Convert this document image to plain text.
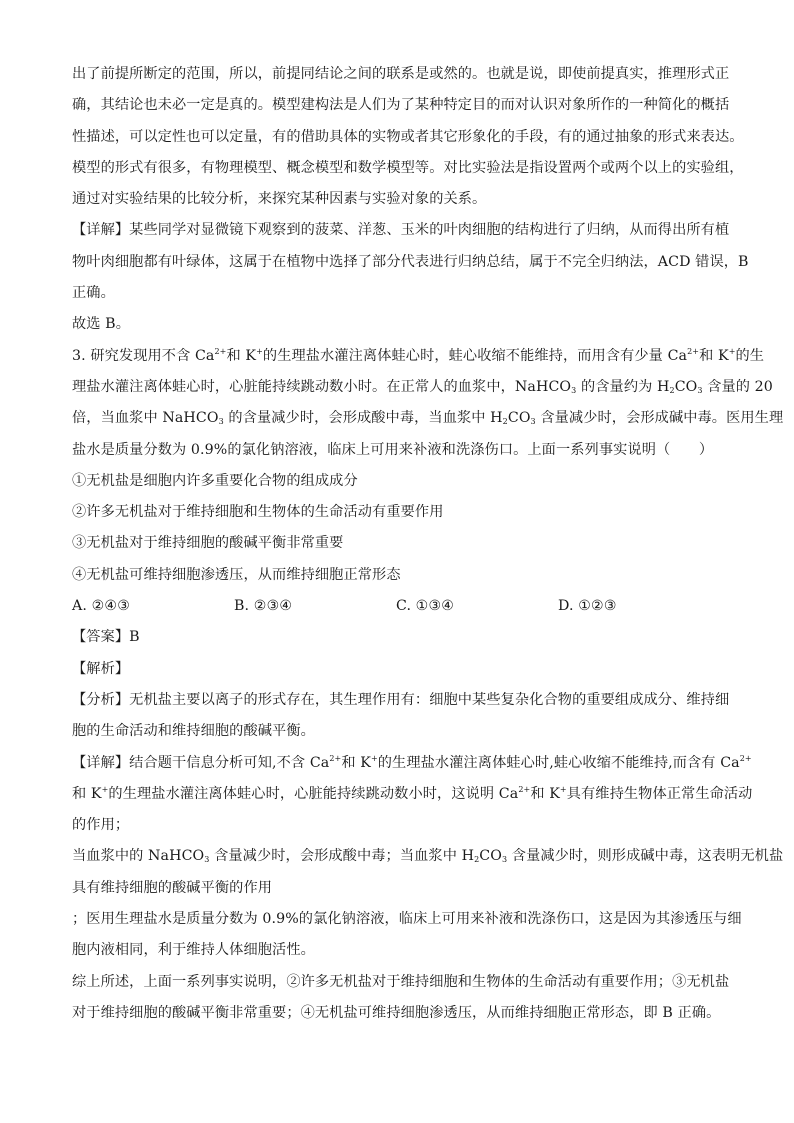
出了前提所断定的范围，所以，前提同结论之间的联系是或然的。也就是说，即使前提真实，推理形式正
确，其结论也未必一定是真的。模型建构法是人们为了某种特定目的而对认识对象所作的一种简化的概括
性描述，可以定性也可以定量，有的借助具体的实物或者其它形象化的手段，有的通过抽象的形式来表达。
模型的形式有很多，有物理模型、概念模型和数学模型等。对比实验法是指设置两个或两个以上的实验组，
通过对实验结果的比较分析，来探究某种因素与实验对象的关系。
【详解】某些同学对显微镜下观察到的菠菜、洋葱、玉米的叶肉细胞的结构进行了归纳，从而得出所有植
物叶肉细胞都有叶绿体，这属于在植物中选择了部分代表进行归纳总结，属于不完全归纳法，ACD 错误，B
正确。
故选 B。
3. 研究发现用不含 $Ca^{2+}$和 K+的生理盐水灌注离体蛙心时，蛙心收缩不能维持，而用含有少量 $Ca^{2+}$和 K+的生
理盐水灌注离体蛙心时，心脏能持续跳动数小时。在正常人的血浆中，NaHCO$_3$ 的含量约为 $H_2CO_3$ 含量的 20
倍，当血浆中 NaHCO$_3$ 的含量减少时，会形成酸中毒，当血浆中 $H_2CO_3$ 含量减少时，会形成碱中毒。医用生理
盐水是质量分数为 0.9%的氯化钠溶液，临床上可用来补液和洗涤伤口。上面一系列事实说明（　　）
①无机盐是细胞内许多重要化合物的组成成分
②许多无机盐对于维持细胞和生物体的生命活动有重要作用
③无机盐对于维持细胞的酸碱平衡非常重要
④无机盐可维持细胞渗透压，从而维持细胞正常形态
A. ②④③	B. ②③④	C. ①③④	D. ①②③
【答案】B
【解析】
【分析】无机盐主要以离子的形式存在，其生理作用有：细胞中某些复杂化合物的重要组成成分、维持细
胞的生命活动和维持细胞的酸碱平衡。
【详解】结合题干信息分析可知,不含 $Ca^{2+}$和 K+的生理盐水灌注离体蛙心时,蛙心收缩不能维持,而含有 $Ca^{2+}$
和 K+的生理盐水灌注离体蛙心时，心脏能持续跳动数小时，这说明 $Ca^{2+}$和 K+具有维持生物体正常生命活动
的作用；
当血浆中的 NaHCO$_3$ 含量减少时，会形成酸中毒；当血浆中 $H_2CO_3$ 含量减少时，则形成碱中毒，这表明无机盐
具有维持细胞的酸碱平衡的作用
；医用生理盐水是质量分数为 0.9%的氯化钠溶液，临床上可用来补液和洗涤伤口，这是因为其渗透压与细
胞内液相同，利于维持人体细胞活性。
综上所述，上面一系列事实说明，②许多无机盐对于维持细胞和生物体的生命活动有重要作用；③无机盐
对于维持细胞的酸碱平衡非常重要；④无机盐可维持细胞渗透压，从而维持细胞正常形态，即 B 正确。
